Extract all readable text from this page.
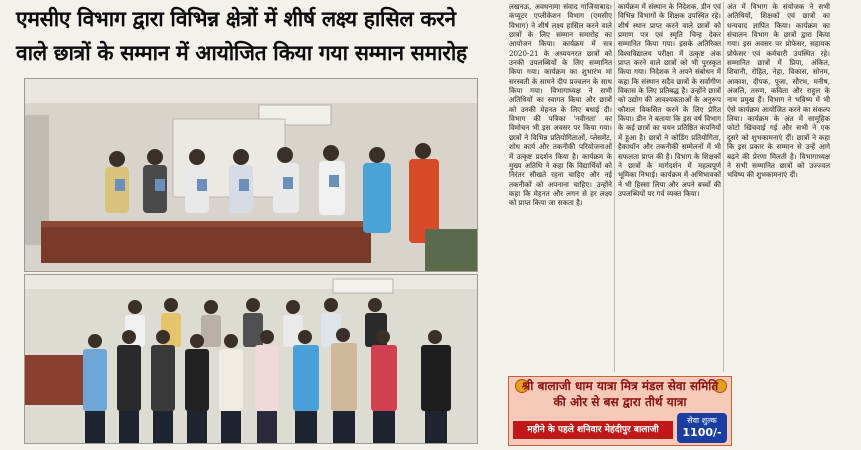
एमसीए विभाग द्वारा विभिन्न क्षेत्रों में शीर्ष लक्ष्य हासिल करने वाले छात्रों के सम्मान में आयोजित किया गया सम्मान समारोह
लखनऊ, अवधनामा संवाद गाजियाबाद। कंप्यूटर एप्लीकेशन विभाग (एमसीए विभाग) ने शीर्ष लक्ष्य हासिल करने वाले छात्रों के लिए सम्मान समारोह का आयोजन किया। कार्यक्रम में सत्र 2020-21 के अध्ययनरत छात्रों को उनकी उपलब्धियों के लिए सम्मानित किया गया। कार्यक्रम का शुभारंभ मां सरस्वती के सामने दीप प्रज्वलन के साथ किया गया। विभागाध्यक्ष ने सभी अतिथियों का स्वागत किया और छात्रों को उनकी मेहनत के लिए बधाई दी। विभाग की पत्रिका 'नवीनता' का विमोचन भी इस अवसर पर किया गया। छात्रों ने विभिन्न प्रतियोगिताओं, प्लेसमेंट, शोध कार्य और तकनीकी परियोजनाओं में उत्कृष्ट प्रदर्शन किया है। कार्यक्रम के मुख्य अतिथि ने कहा कि विद्यार्थियों को निरंतर सीखते रहना चाहिए और नई तकनीकों को अपनाना चाहिए। उन्होंने कहा कि मेहनत और लगन से हर लक्ष्य को प्राप्त किया जा सकता है।
कार्यक्रम में संस्थान के निदेशक, डीन एवं विभिन्न विभागों के शिक्षक उपस्थित रहे। शीर्ष स्थान प्राप्त करने वाले छात्रों को प्रमाण पत्र एवं स्मृति चिन्ह देकर सम्मानित किया गया। इसके अतिरिक्त विश्वविद्यालय परीक्षा में उत्कृष्ट अंक प्राप्त करने वाले छात्रों को भी पुरस्कृत किया गया। निदेशक ने अपने संबोधन में कहा कि संस्थान सदैव छात्रों के सर्वांगीण विकास के लिए प्रतिबद्ध है। उन्होंने छात्रों को उद्योग की आवश्यकताओं के अनुरूप कौशल विकसित करने के लिए प्रेरित किया। डीन ने बताया कि इस वर्ष विभाग के कई छात्रों का चयन प्रतिष्ठित कंपनियों में हुआ है। छात्रों ने कोडिंग प्रतियोगिता, हैकाथॉन और तकनीकी सम्मेलनों में भी सफलता प्राप्त की है। विभाग के शिक्षकों ने छात्रों के मार्गदर्शन में महत्वपूर्ण भूमिका निभाई। कार्यक्रम में अभिभावकों ने भी हिस्सा लिया और अपने बच्चों की उपलब्धियों पर गर्व व्यक्त किया।
अंत में विभाग के संयोजक ने सभी अतिथियों, शिक्षकों एवं छात्रों का धन्यवाद ज्ञापित किया। कार्यक्रम का संचालन विभाग के छात्रों द्वारा किया गया। इस अवसर पर प्रोफेसर, सहायक प्रोफेसर एवं कर्मचारी उपस्थित रहे। सम्मानित छात्रों में प्रिया, अंकित, शिवानी, रोहित, नेहा, विकास, सोनम, आकाश, दीपक, पूजा, सौरभ, मनीष, अंजलि, तरुण, कविता और राहुल के नाम प्रमुख हैं। विभाग ने भविष्य में भी ऐसे कार्यक्रम आयोजित करने का संकल्प लिया। कार्यक्रम के अंत में सामूहिक फोटो खिंचवाई गई और सभी ने एक दूसरे को शुभकामनाएं दीं। छात्रों ने कहा कि इस प्रकार के सम्मान से उन्हें आगे बढ़ने की प्रेरणा मिलती है। विभागाध्यक्ष ने सभी सम्मानित छात्रों को उज्ज्वल भविष्य की शुभकामनाएं दीं।
श्री बालाजी धाम यात्रा मित्र मंडल सेवा समिति
की ओर से बस द्वारा तीर्थ यात्रा
महीने के पहले शनिवार मेहंदीपुर बालाजी
सेवा शुल्क
1100/-
